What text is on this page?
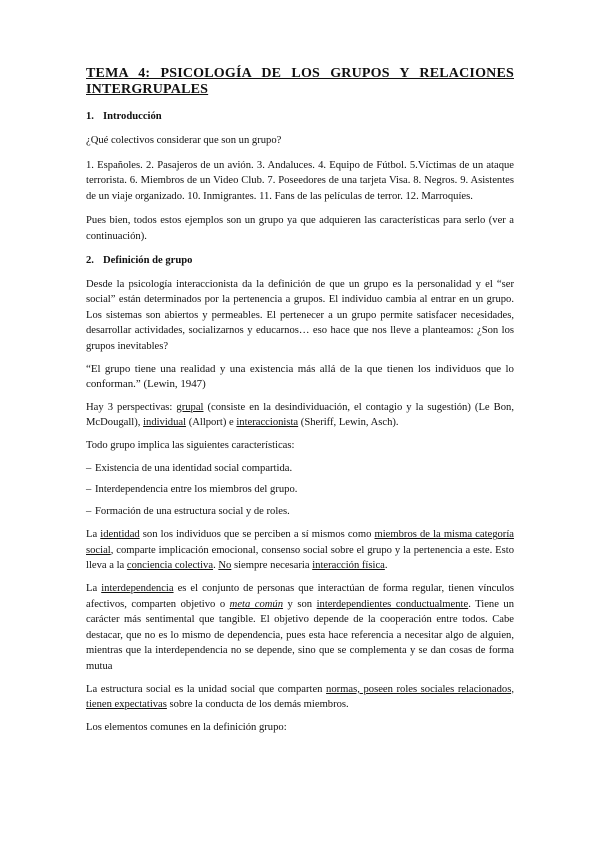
TEMA 4: PSICOLOGÍA DE LOS GRUPOS Y RELACIONES INTERGRUPALES
1. Introducción

¿Qué colectivos considerar que son un grupo?

1. Españoles. 2. Pasajeros de un avión. 3. Andaluces. 4. Equipo de Fútbol. 5.Víctimas de un ataque terrorista. 6. Miembros de un Video Club. 7. Poseedores de una tarjeta Visa. 8. Negros. 9. Asistentes de un viaje organizado. 10. Inmigrantes. 11. Fans de las películas de terror. 12. Marroquíes.

Pues bien, todos estos ejemplos son un grupo ya que adquieren las características para serlo (ver a continuación).

2. Definición de grupo

Desde la psicología interaccionista da la definición de que un grupo es la personalidad y el “ser social” están determinados por la pertenencia a grupos. El individuo cambia al entrar en un grupo. Los sistemas son abiertos y permeables. El pertenecer a un grupo permite satisfacer necesidades, desarrollar actividades, socializarnos y educarnos… eso hace que nos lleve a planteamos: ¿Son los grupos inevitables?

“El grupo tiene una realidad y una existencia más allá de la que tienen los individuos que lo conforman.” (Lewin, 1947)

Hay 3 perspectivas: grupal (consiste en la desindividuación, el contagio y la sugestión) (Le Bon, McDougall), individual (Allport) e interaccionista (Sheriff, Lewin, Asch).

Todo grupo implica las siguientes características:

– Existencia de una identidad social compartida.
– Interdependencia entre los miembros del grupo.
– Formación de una estructura social y de roles.

La identidad son los individuos que se perciben a sí mismos como miembros de la misma categoría social, comparte implicación emocional, consenso social sobre el grupo y la pertenencia a este. Esto lleva a la conciencia colectiva. No siempre necesaria interacción física.

La interdependencia es el conjunto de personas que interactúan de forma regular, tienen vínculos afectivos, comparten objetivo o meta común y son interdependientes conductualmente. Tiene un carácter más sentimental que tangible. El objetivo depende de la cooperación entre todos. Cabe destacar, que no es lo mismo de dependencia, pues esta hace referencia a necesitar algo de alguien, mientras que la interdependencia no se depende, sino que se complementa y se dan cosas de forma mutua

La estructura social es la unidad social que comparten normas, poseen roles sociales relacionados, tienen expectativas sobre la conducta de los demás miembros.

Los elementos comunes en la definición grupo:
